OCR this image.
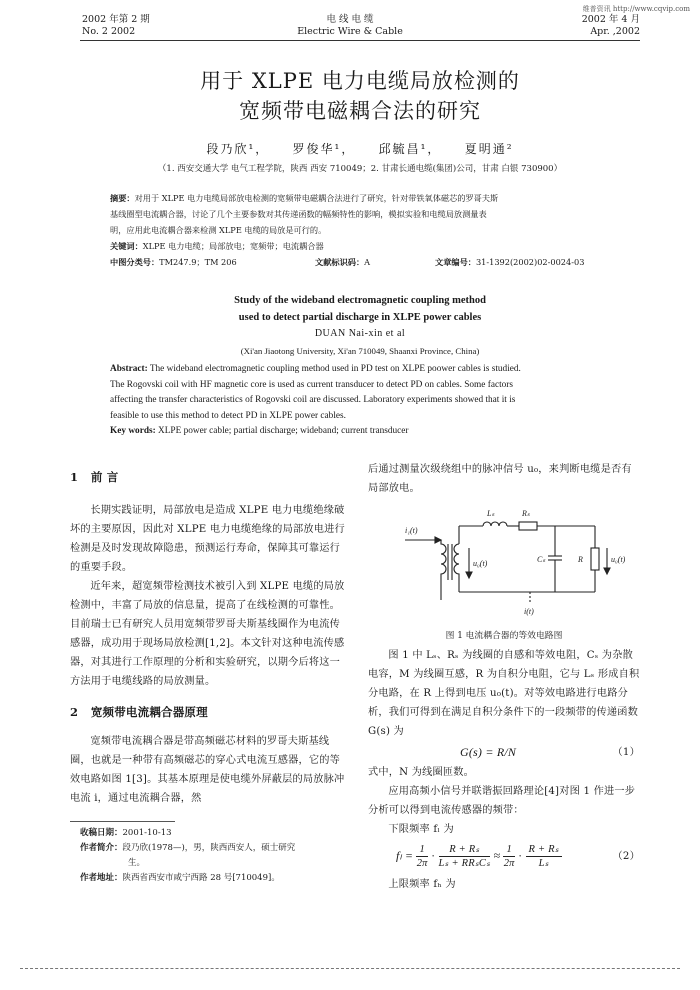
维普资讯 http://www.cqvip.com
2002 年第 2 期
No. 2 2002
电 线 电 缆
Electric Wire & Cable
2002 年 4 月
Apr. ,2002
用于 XLPE 电力电缆局放检测的
宽频带电磁耦合法的研究
段乃欣¹， 罗俊华¹， 邱毓昌¹， 夏明通²
（1. 西安交通大学 电气工程学院，陕西 西安 710049；2. 甘肃长通电缆(集团)公司，甘肃 白银 730900）
摘要：对用于 XLPE 电力电缆局部放电检测的宽频带电磁耦合法进行了研究，针对带铁氧体磁芯的罗哥夫斯
基线圈型电流耦合器，讨论了几个主要参数对其传递函数的幅频特性的影响，模拟实验和电缆局放测量表
明，应用此电流耦合器来检测 XLPE 电缆的局放是可行的。
关键词：XLPE 电力电缆；局部放电；宽频带；电流耦合器
中图分类号：TM247.9；TM 206	文献标识码：A	文章编号：31-1392(2002)02-0024-03
Study of the wideband electromagnetic coupling method
used to detect partial discharge in XLPE power cables
DUAN Nai-xin et al
(Xi'an Jiaotong University, Xi'an 710049, Shaanxi Province, China)
Abstract: The wideband electromagnetic coupling method used in PD test on XLPE poower cables is studied.
The Rogovski coil with HF magnetic core is used as current transducer to detect PD on cables. Some factors
affecting the transfer characteristics of Rogovski coil are discussed. Laboratory experiments showed that it is
feasible to use this method to detect PD in XLPE power cables.
Key words: XLPE power cable; partial discharge; wideband; current transducer
1 前 言

长期实践证明，局部放电是造成 XLPE 电力电缆绝缘破坏的主要原因，因此对 XLPE 电力电缆绝缘的局部放电进行检测是及时发现故障隐患，预测运行寿命，保障其可靠运行的重要手段。

近年来，超宽频带检测技术被引入到 XLPE 电缆的局放检测中，丰富了局放的信息量，提高了在线检测的可靠性。目前瑞士已有研究人员用宽频带罗哥夫斯基线圈作为电流传感器，成功用于现场局放检测[1,2]。本文针对这种电流传感器，对其进行工作原理的分析和实验研究，以期今后将这一方法用于电缆线路的局放测量。

2 宽频带电流耦合器原理

宽频带电流耦合器是带高频磁芯材料的罗哥夫斯基线圈，也就是一种带有高频磁芯的穿心式电流互感器，它的等效电路如图 1[3]。其基本原理是使电缆外屏蔽层的局放脉冲电流 i，通过电流耦合器，然

收稿日期：2001-10-13
作者简介：段乃欣(1978—)，男，陕西西安人，硕士研究
生。
作者地址：陕西省西安市咸宁西路 28 号[710049]。

后通过测量次级绕组中的脉冲信号 u₀，来判断电缆是否有局部放电。

i₁(t)
Lₛ	Rₛ
u₀(t)	Cₛ	R	u₀(t)
i(t)
图 1 电流耦合器的等效电路图

图 1 中 Lₛ、Rₛ 为线圈的自感和等效电阻，Cₛ 为杂散电容，M 为线圈互感，R 为自积分电阻，它与 Lₛ 形成自积分电路，在 R 上得到电压 u₀(t)。对等效电路进行电路分析，我们可得到在满足自积分条件下的一段频带的传递函数 G(s) 为

G(s) = R/N	（1）

式中，N 为线圈匝数。

应用高频小信号并联谐振回路理论[4]对图 1 作进一步分析可以得到电流传感器的频带：

下限频率 fₗ 为

$f_l = \frac{1}{2\pi} \cdot \frac{\text{R + Rₛ}}{\text{Lₛ + RRₛCₛ}} \approx \frac{1}{2\pi} \cdot \frac{\text{R + Rₛ}}{\text{Lₛ}}$	（2）

上限频率 fₕ 为
